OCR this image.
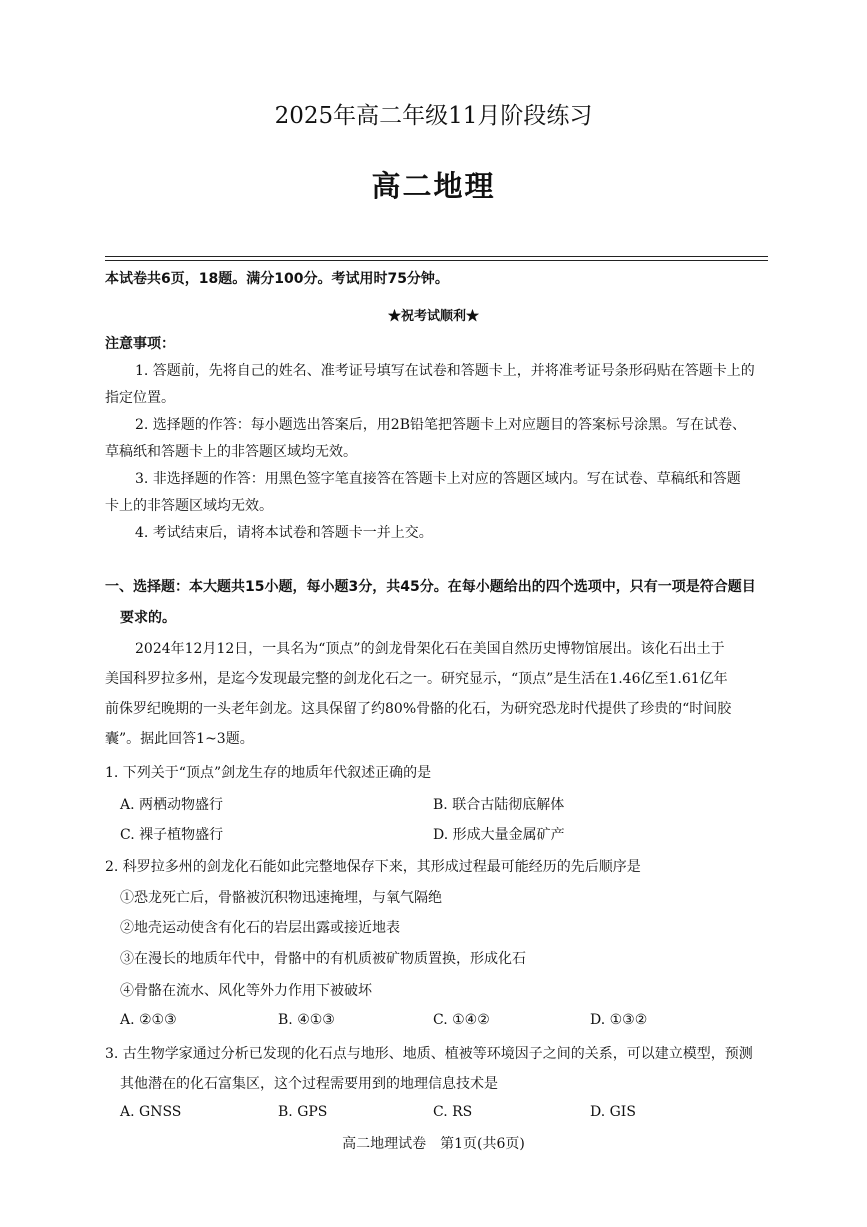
2025年高二年级11月阶段练习
高二地理
本试卷共6页，18题。满分100分。考试用时75分钟。
★祝考试顺利★
注意事项：
1. 答题前，先将自己的姓名、准考证号填写在试卷和答题卡上，并将准考证号条形码贴在答题卡上的
指定位置。
2. 选择题的作答：每小题选出答案后，用2B铅笔把答题卡上对应题目的答案标号涂黑。写在试卷、
草稿纸和答题卡上的非答题区域均无效。
3. 非选择题的作答：用黑色签字笔直接答在答题卡上对应的答题区域内。写在试卷、草稿纸和答题
卡上的非答题区域均无效。
4. 考试结束后，请将本试卷和答题卡一并上交。
一、选择题：本大题共15小题，每小题3分，共45分。在每小题给出的四个选项中，只有一项是符合题目
要求的。
2024年12月12日，一具名为“顶点”的剑龙骨架化石在美国自然历史博物馆展出。该化石出土于
美国科罗拉多州，是迄今发现最完整的剑龙化石之一。研究显示，“顶点”是生活在1.46亿至1.61亿年
前侏罗纪晚期的一头老年剑龙。这具保留了约80%骨骼的化石，为研究恐龙时代提供了珍贵的“时间胶
囊”。据此回答1~3题。
1. 下列关于“顶点”剑龙生存的地质年代叙述正确的是
A. 两栖动物盛行	B. 联合古陆彻底解体
C. 裸子植物盛行	D. 形成大量金属矿产
2. 科罗拉多州的剑龙化石能如此完整地保存下来，其形成过程最可能经历的先后顺序是
①恐龙死亡后，骨骼被沉积物迅速掩埋，与氧气隔绝
②地壳运动使含有化石的岩层出露或接近地表
③在漫长的地质年代中，骨骼中的有机质被矿物质置换，形成化石
④骨骼在流水、风化等外力作用下被破坏
A. ②①③	B. ④①③	C. ①④②	D. ①③②
3. 古生物学家通过分析已发现的化石点与地形、地质、植被等环境因子之间的关系，可以建立模型，预测
其他潜在的化石富集区，这个过程需要用到的地理信息技术是
A. GNSS	B. GPS	C. RS	D. GIS
高二地理试卷　第1页(共6页)
